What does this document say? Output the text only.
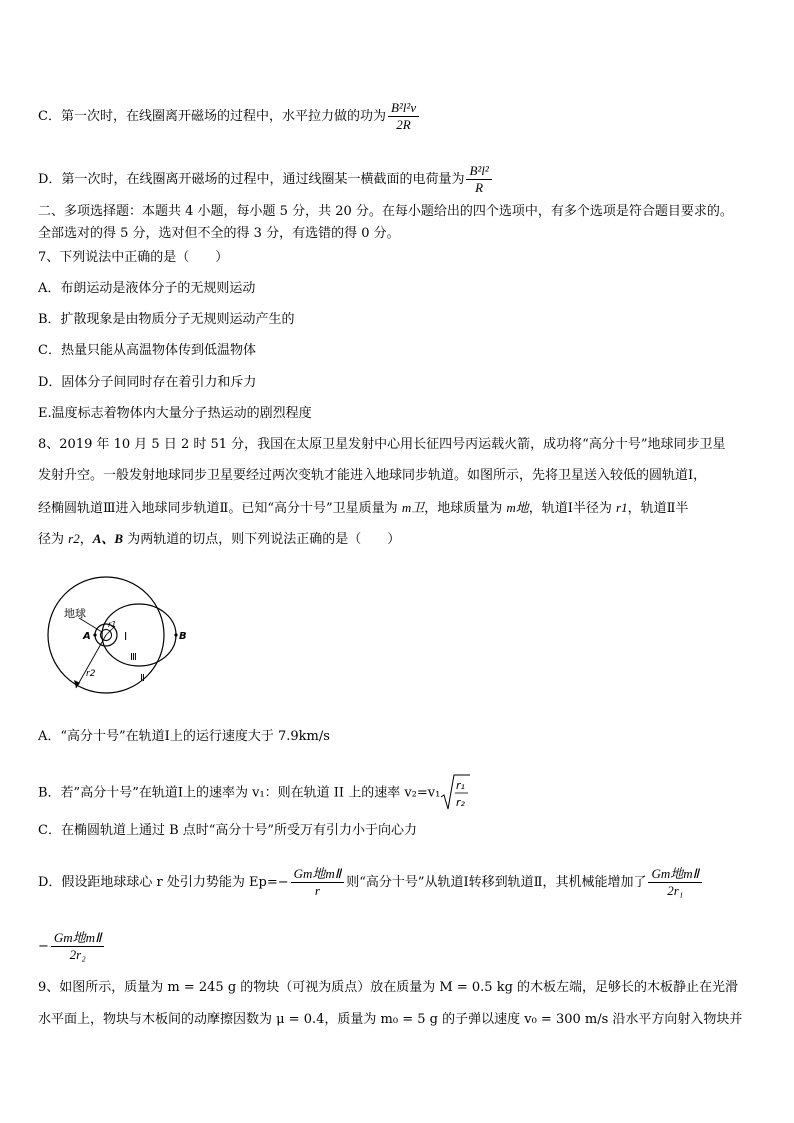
C．第一次时，在线圈离开磁场的过程中，水平拉力做的功为 $\frac{\text{B²l²v}}{2R}$
D．第一次时，在线圈离开磁场的过程中，通过线圈某一横截面的电荷量为 $\frac{\text{B²l²}}{R}$
二、多项选择题：本题共 4 小题，每小题 5 分，共 20 分。在每小题给出的四个选项中，有多个选项是符合题目要求的。
全部选对的得 5 分，选对但不全的得 3 分，有选错的得 0 分。
7、下列说法中正确的是（　　）
A．布朗运动是液体分子的无规则运动
B．扩散现象是由物质分子无规则运动产生的
C．热量只能从高温物体传到低温物体
D．固体分子间同时存在着引力和斥力
E.温度标志着物体内大量分子热运动的剧烈程度
8、2019 年 10 月 5 日 2 时 51 分，我国在太原卫星发射中心用长征四号丙运载火箭，成功将“高分十号”地球同步卫星
发射升空。一般发射地球同步卫星要经过两次变轨才能进入地球同步轨道。如图所示，先将卫星送入较低的圆轨道Ⅰ，
经椭圆轨道Ⅲ进入地球同步轨道Ⅱ。已知“高分十号”卫星质量为 m卫，地球质量为 m地，轨道Ⅰ半径为 r1，轨道Ⅱ半
径为 r2，A、B 为两轨道的切点，则下列说法正确的是（　　）
地球
A	B
r1
Ⅰ
Ⅲ
Ⅱ
r2
A．“高分十号”在轨道Ⅰ上的运行速度大于 7.9km/s
B．若”高分十号”在轨道Ⅰ上的速率为 v₁：则在轨道 II 上的速率 v₂=v₁ r₁
r₂
C．在椭圆轨道上通过 B 点时“高分十号”所受万有引力小于向心力
D．假设距地球球心 r 处引力势能为 $Ep=- \frac{\text{Gm地mⅡ}}{r}$ 则“高分十号”从轨道Ⅰ转移到轨道Ⅱ，其机械能增加了 $\frac{\text{Gm地mⅡ}}{\text{2r₁}}$
− $\frac{\text{Gm地mⅡ}}{\text{2r₂}}$
9、如图所示，质量为 m = 245 g 的物块（可视为质点）放在质量为 M = 0.5 kg 的木板左端，足够长的木板静止在光滑
水平面上，物块与木板间的动摩擦因数为 μ = 0.4，质量为 m₀ = 5 g 的子弹以速度 v₀ = 300 m/s 沿水平方向射入物块并
